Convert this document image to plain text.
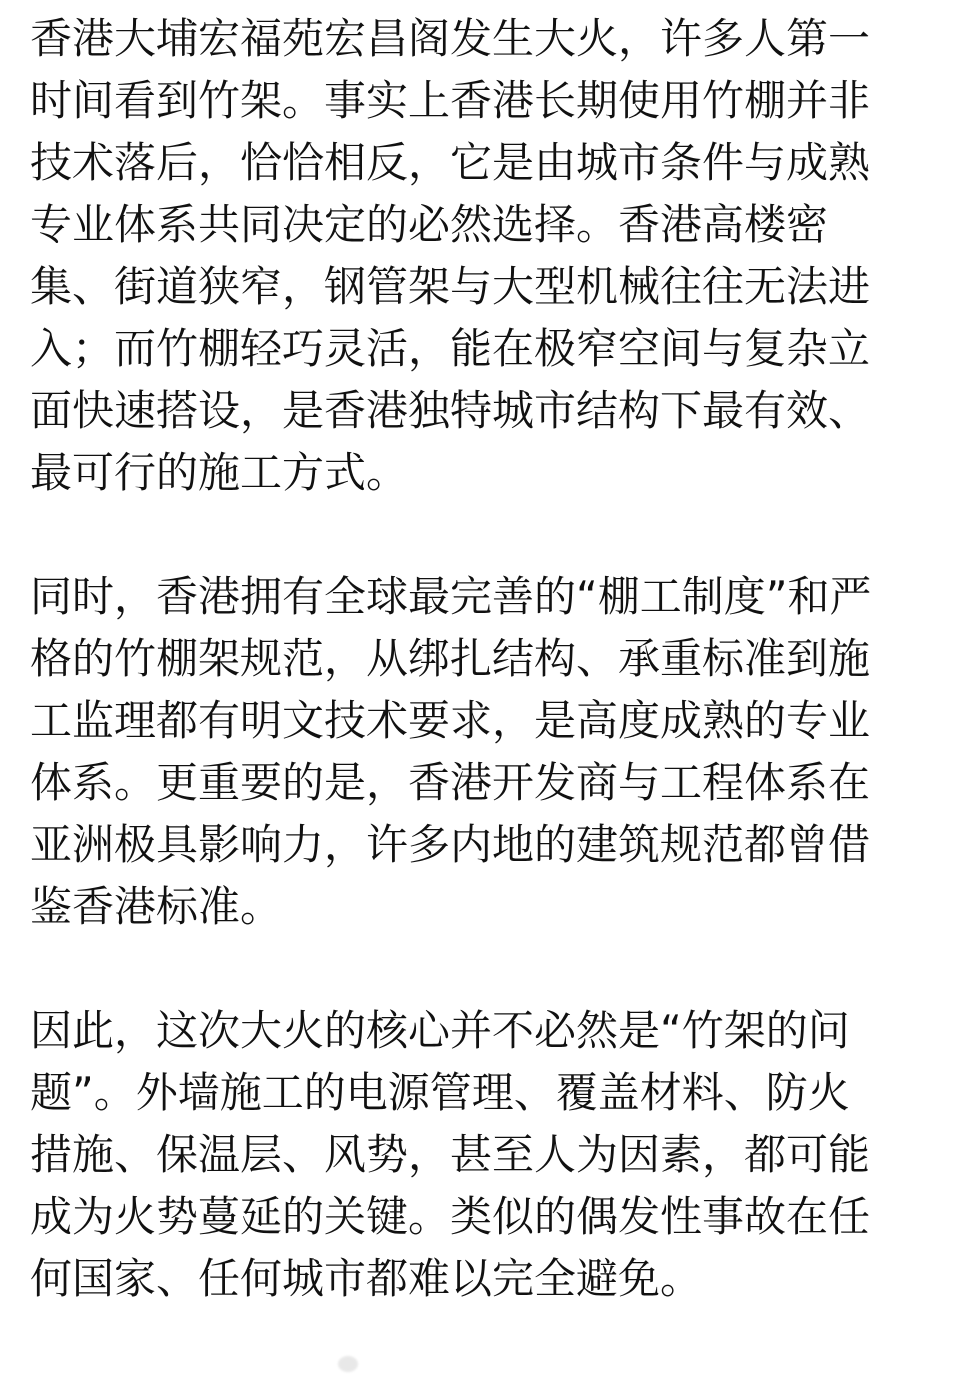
香港大埔宏福苑宏昌阁发生大火，许多人第一
时间看到竹架。事实上香港长期使用竹棚并非
技术落后，恰恰相反，它是由城市条件与成熟
专业体系共同决定的必然选择。香港高楼密
集、街道狭窄，钢管架与大型机械往往无法进
入；而竹棚轻巧灵活，能在极窄空间与复杂立
面快速搭设，是香港独特城市结构下最有效、
最可行的施工方式。
同时，香港拥有全球最完善的“棚工制度”和严
格的竹棚架规范，从绑扎结构、承重标准到施
工监理都有明文技术要求，是高度成熟的专业
体系。更重要的是，香港开发商与工程体系在
亚洲极具影响力，许多内地的建筑规范都曾借
鉴香港标准。
因此，这次大火的核心并不必然是“竹架的问
题”。外墙施工的电源管理、覆盖材料、防火
措施、保温层、风势，甚至人为因素，都可能
成为火势蔓延的关键。类似的偶发性事故在任
何国家、任何城市都难以完全避免。
